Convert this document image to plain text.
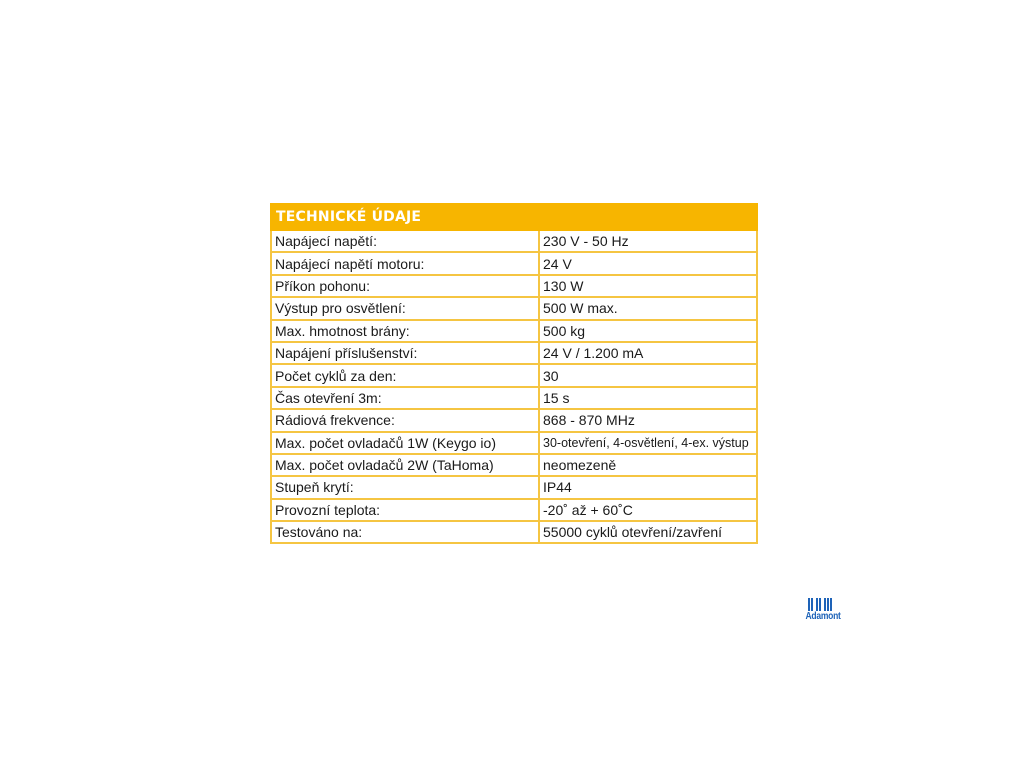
TECHNICKÉ ÚDAJE	
Napájecí napětí:	230 V - 50 Hz
Napájecí napětí motoru:	24 V
Příkon pohonu:	130 W
Výstup pro osvětlení:	500 W max.
Max. hmotnost brány:	500 kg
Napájení příslušenství:	24 V / 1.200 mA
Počet cyklů za den:	30
Čas otevření 3m:	15 s
Rádiová frekvence:	868 - 870 MHz
Max. počet ovladačů 1W (Keygo io)	30-otevření, 4-osvětlení, 4-ex. výstup
Max. počet ovladačů 2W (TaHoma)	neomezeně
Stupeň krytí:	IP44
Provozní teplota:	-20˚ až + 60˚C
Testováno na:	55000 cyklů otevření/zavření
Adamont
